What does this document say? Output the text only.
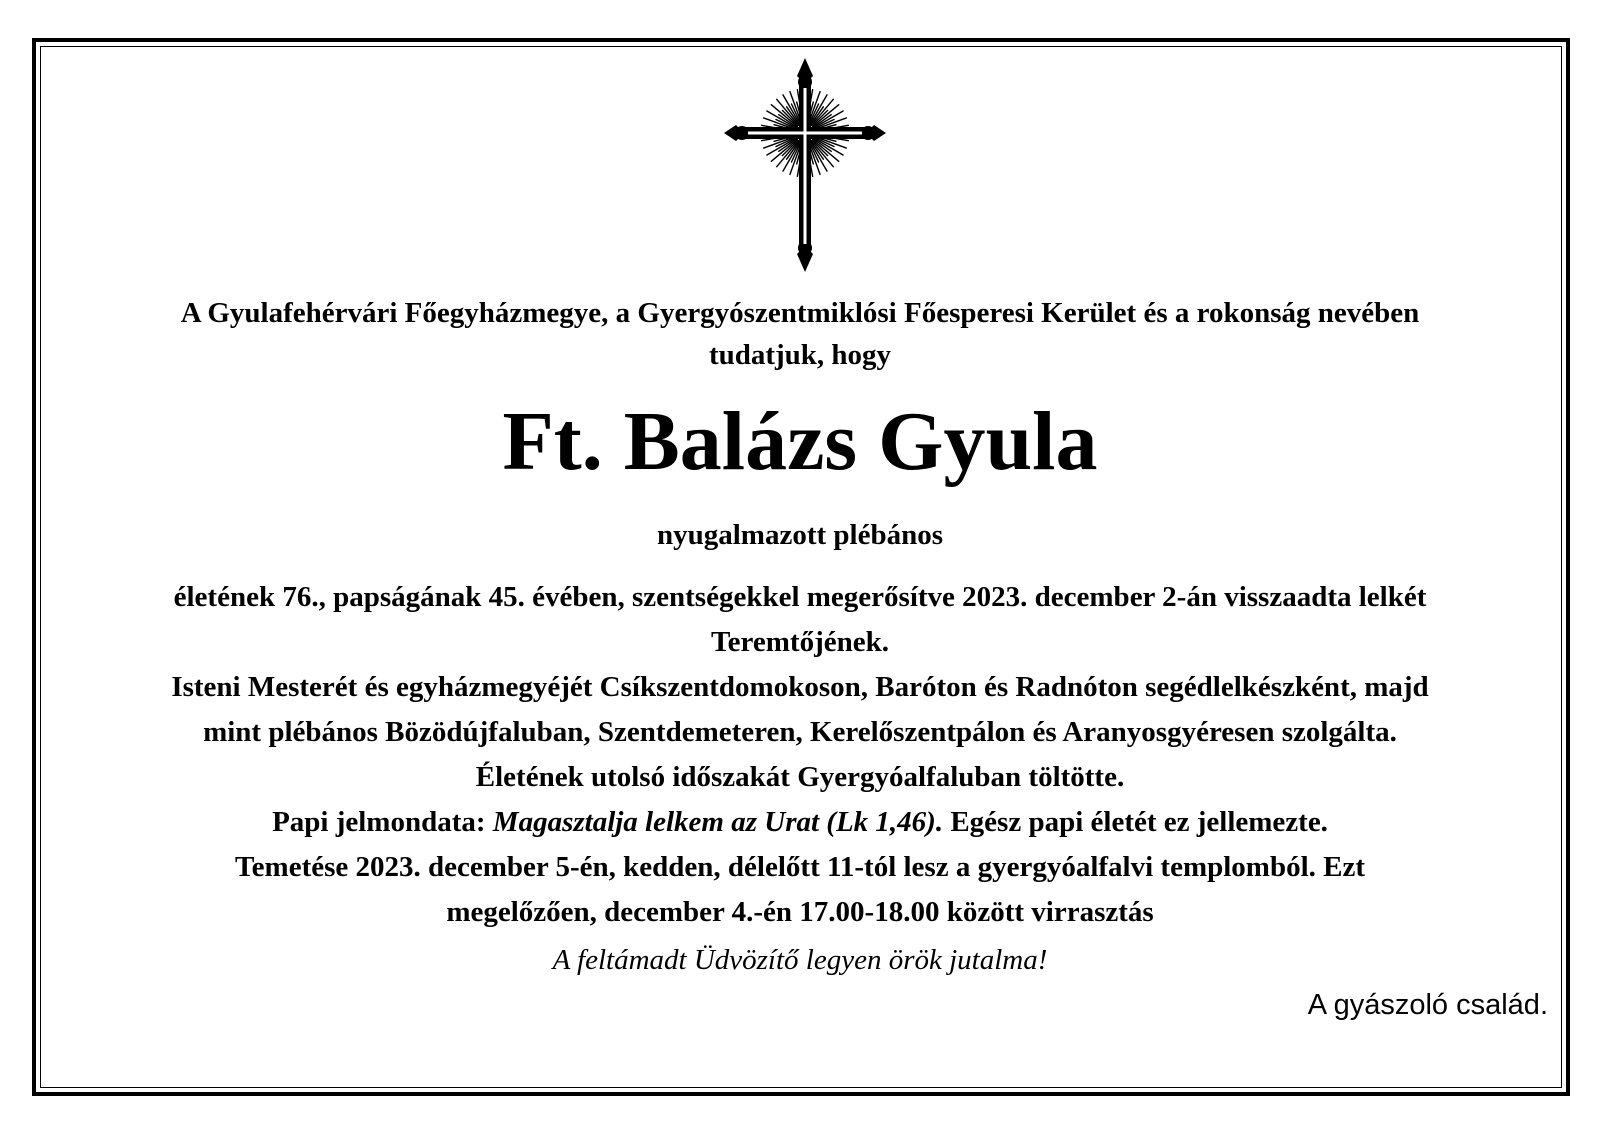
A Gyulafehérvári Főegyházmegye, a Gyergyószentmiklósi Főesperesi Kerület és a rokonság nevében
tudatjuk, hogy
Ft. Balázs Gyula
nyugalmazott plébános
életének 76., papságának 45. évében, szentségekkel megerősítve 2023. december 2-án visszaadta lelkét
Teremtőjének.
Isteni Mesterét és egyházmegyéjét Csíkszentdomokoson, Baróton és Radnóton segédlelkészként, majd
mint plébános Bözödújfaluban, Szentdemeteren, Kerelőszentpálon és Aranyosgyéresen szolgálta.
Életének utolsó időszakát Gyergyóalfaluban töltötte.
Papi jelmondata: Magasztalja lelkem az Urat (Lk 1,46). Egész papi életét ez jellemezte.
Temetése 2023. december 5-én, kedden, délelőtt 11-tól lesz a gyergyóalfalvi templomból. Ezt
megelőzően, december 4.-én 17.00-18.00 között virrasztás
A feltámadt Üdvözítő legyen örök jutalma!
A gyászoló család.
